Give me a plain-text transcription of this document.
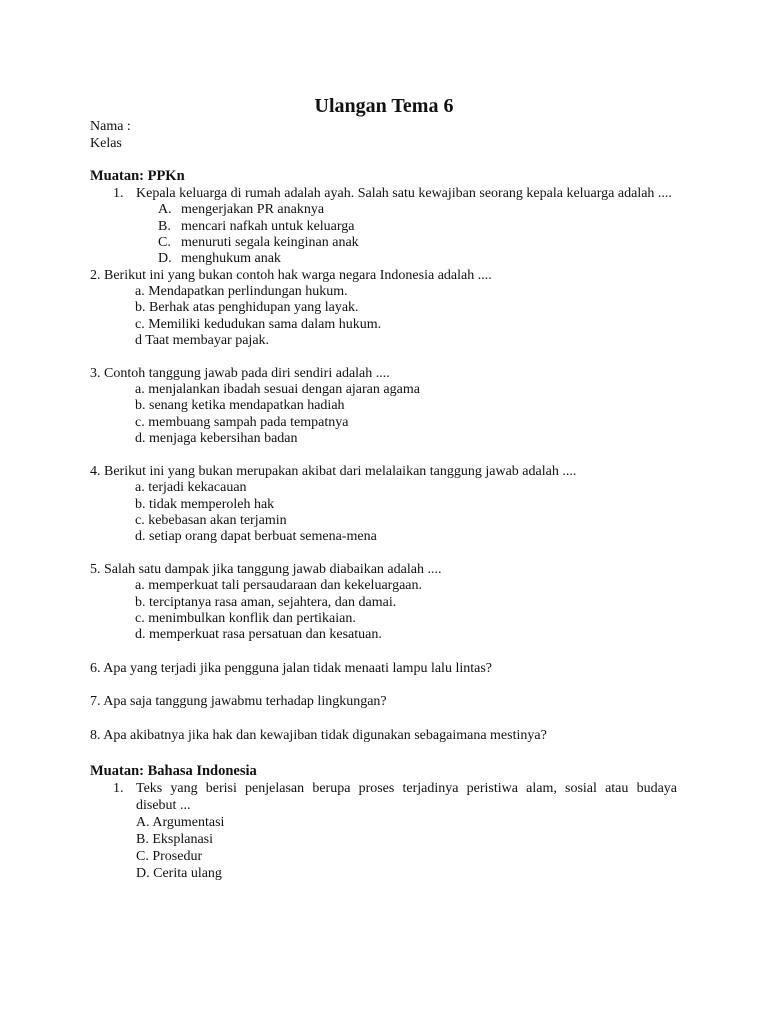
Ulangan Tema 6
Nama :
Kelas
Muatan: PPKn
1. Kepala keluarga di rumah adalah ayah. Salah satu kewajiban seorang kepala keluarga adalah ....
A. mengerjakan PR anaknya
B. mencari nafkah untuk keluarga
C. menuruti segala keinginan anak
D. menghukum anak
2. Berikut ini yang bukan contoh hak warga negara Indonesia adalah ....
a. Mendapatkan perlindungan hukum.
b. Berhak atas penghidupan yang layak.
c. Memiliki kedudukan sama dalam hukum.
d Taat membayar pajak.
3. Contoh tanggung jawab pada diri sendiri adalah ....
a. menjalankan ibadah sesuai dengan ajaran agama
b. senang ketika mendapatkan hadiah
c. membuang sampah pada tempatnya
d. menjaga kebersihan badan
4. Berikut ini yang bukan merupakan akibat dari melalaikan tanggung jawab adalah ....
a. terjadi kekacauan
b. tidak memperoleh hak
c. kebebasan akan terjamin
d. setiap orang dapat berbuat semena-mena
5. Salah satu dampak jika tanggung jawab diabaikan adalah ....
a. memperkuat tali persaudaraan dan kekeluargaan.
b. terciptanya rasa aman, sejahtera, dan damai.
c. menimbulkan konflik dan pertikaian.
d. memperkuat rasa persatuan dan kesatuan.
6. Apa yang terjadi jika pengguna jalan tidak menaati lampu lalu lintas?
7. Apa saja tanggung jawabmu terhadap lingkungan?
8. Apa akibatnya jika hak dan kewajiban tidak digunakan sebagaimana mestinya?
Muatan: Bahasa Indonesia
1. Teks yang berisi penjelasan berupa proses terjadinya peristiwa alam, sosial atau budaya
disebut ...
A. Argumentasi
B. Eksplanasi
C. Prosedur
D. Cerita ulang
